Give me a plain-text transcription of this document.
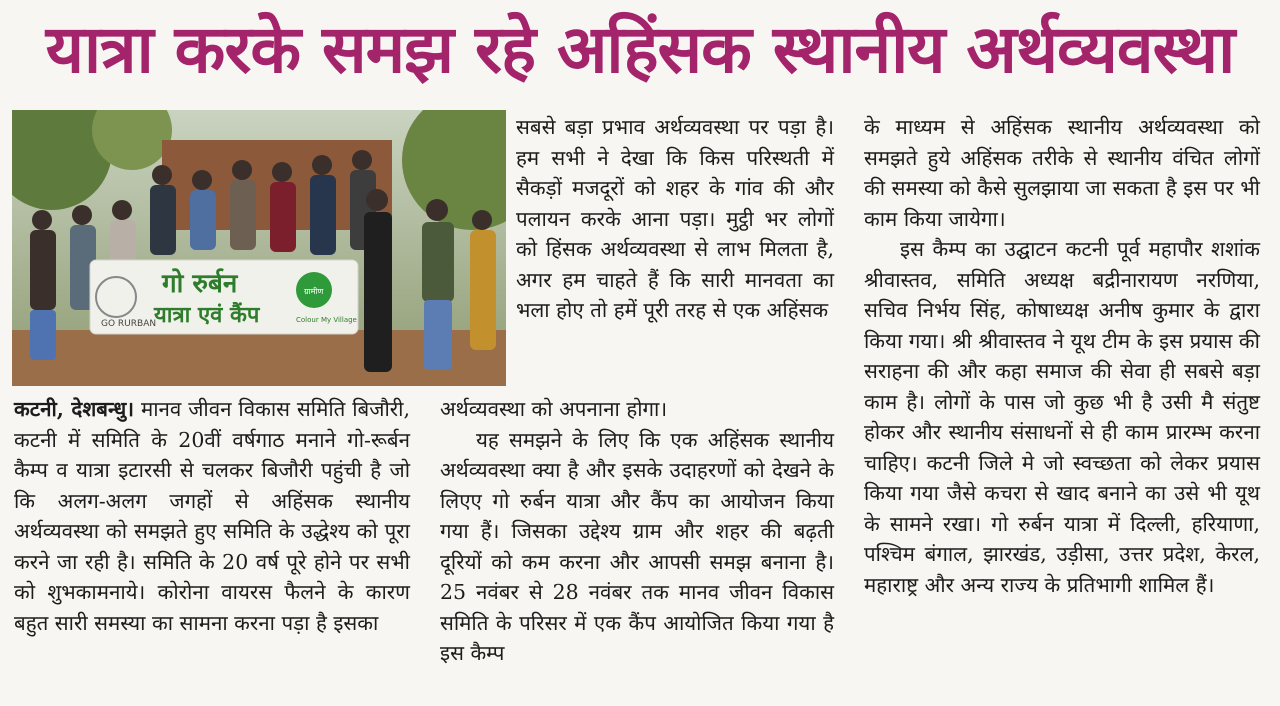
यात्रा करके समझ रहे अहिंसक स्थानीय अर्थव्यवस्था
GO RURBAN
ग्रामीण
Colour My Village
गो रुर्बन
यात्रा एवं कैंप

कटनी, देशबन्धु। मानव जीवन विकास समिति बिजौरी, कटनी में समिति के 20वीं वर्षगाठ मनाने गो-रूर्बन कैम्प व यात्रा इटारसी से चलकर बिजौरी पहुंची है जो कि अलग-अलग जगहों से अहिंसक स्थानीय अर्थव्यवस्था को समझते हुए समिति के उद्धेश्य को पूरा करने जा रही है। समिति के 20 वर्ष पूरे होने पर सभी को शुभकामनाये। कोरोना वायरस फैलने के कारण बहुत सारी समस्या का सामना करना पड़ा है इसका

सबसे बड़ा प्रभाव अर्थव्यवस्था पर पड़ा है। हम सभी ने देखा कि किस परिस्थती में सैकड़ों मजदूरों को शहर के गांव की और पलायन करके आना पड़ा। मुट्ठी भर लोगों को हिंसक अर्थव्यवस्था से लाभ मिलता है, अगर हम चाहते हैं कि सारी मानवता का भला होए तो हमें पूरी तरह से एक अहिंसक

अर्थव्यवस्था को अपनाना होगा।

यह समझने के लिए कि एक अहिंसक स्थानीय अर्थव्यवस्था क्या है और इसके उदाहरणों को देखने के लिएए गो रुर्बन यात्रा और कैंप का आयोजन किया गया हैं। जिसका उद्देश्य ग्राम और शहर की बढ़ती दूरियों को कम करना और आपसी समझ बनाना है। 25 नवंबर से 28 नवंबर तक मानव जीवन विकास समिति के परिसर में एक कैंप आयोजित किया गया है इस कैम्प

के माध्यम से अहिंसक स्थानीय अर्थव्यवस्था को समझते हुये अहिंसक तरीके से स्थानीय वंचित लोगों की समस्या को कैसे सुलझाया जा सकता है इस पर भी काम किया जायेगा।

इस कैम्प का उद्घाटन कटनी पूर्व महापौर शशांक श्रीवास्तव, समिति अध्यक्ष बद्रीनारायण नरणिया, सचिव निर्भय सिंह, कोषाध्यक्ष अनीष कुमार के द्वारा किया गया। श्री श्रीवास्तव ने यूथ टीम के इस प्रयास की सराहना की और कहा समाज की सेवा ही सबसे बड़ा काम है। लोगों के पास जो कुछ भी है उसी मै संतुष्ट होकर और स्थानीय संसाधनों से ही काम प्रारम्भ करना चाहिए। कटनी जिले मे जो स्वच्छता को लेकर प्रयास किया गया जैसे कचरा से खाद बनाने का उसे भी यूथ के सामने रखा। गो रुर्बन यात्रा में दिल्ली, हरियाणा, पश्चिम बंगाल, झारखंड, उड़ीसा, उत्तर प्रदेश, केरल, महाराष्ट्र और अन्य राज्य के प्रतिभागी शामिल हैं।
